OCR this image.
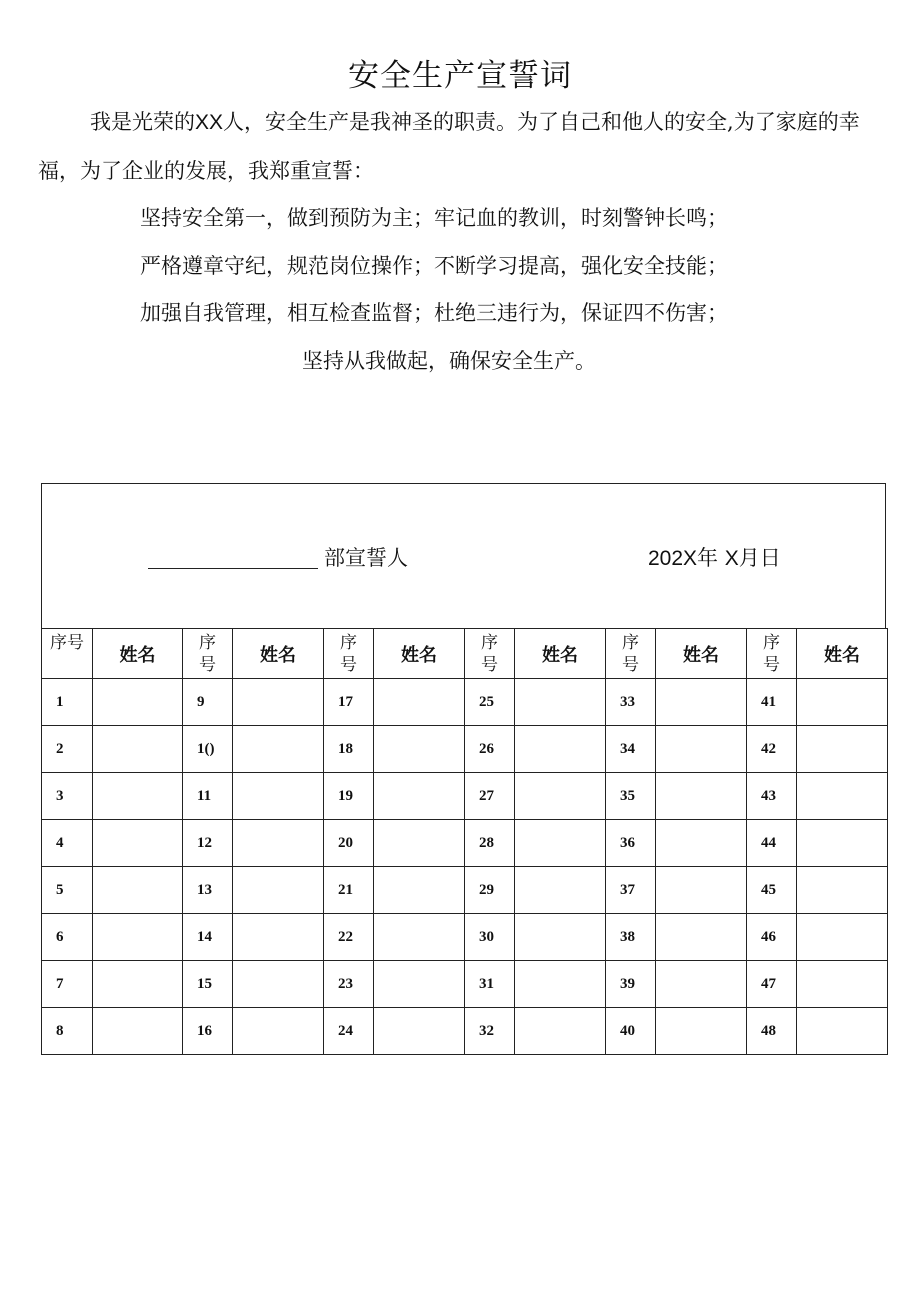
安全生产宣誓词
我是光荣的XX人，安全生产是我神圣的职责。为了自己和他人的安全,为了家庭的幸福，为了企业的发展，我郑重宣誓：
坚持安全第一，做到预防为主；牢记血的教训，时刻警钟长鸣；
严格遵章守纪，规范岗位操作；不断学习提高，强化安全技能；
加强自我管理，相互检查监督；杜绝三违行为，保证四不伤害；
坚持从我做起，确保安全生产。
部宣誓人	202X年 X月日
序号	姓名	序号	姓名	序号	姓名	序号	姓名	序号	姓名	序号	姓名
1		9		17		25		33		41	
2		1()		18		26		34		42	
3		11		19		27		35		43	
4		12		20		28		36		44	
5		13		21		29		37		45	
6		14		22		30		38		46	
7		15		23		31		39		47	
8		16		24		32		40		48	
